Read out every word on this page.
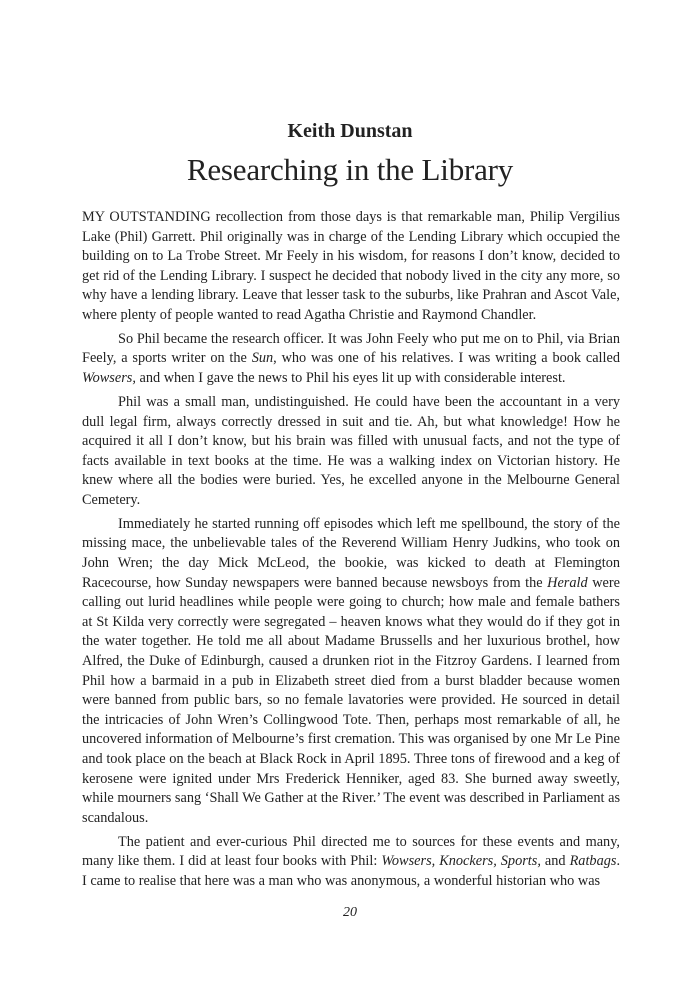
Keith Dunstan
Researching in the Library

MY OUTSTANDING recollection from those days is that remarkable man, Philip Vergilius Lake (Phil) Garrett. Phil originally was in charge of the Lending Library which occupied the building on to La Trobe Street. Mr Feely in his wisdom, for reasons I don’t know, decided to get rid of the Lending Library. I suspect he decided that nobody lived in the city any more, so why have a lending library. Leave that lesser task to the suburbs, like Prahran and Ascot Vale, where plenty of people wanted to read Agatha Christie and Raymond Chandler.

So Phil became the research officer. It was John Feely who put me on to Phil, via Brian Feely, a sports writer on the Sun, who was one of his relatives. I was writing a book called Wowsers, and when I gave the news to Phil his eyes lit up with considerable interest.

Phil was a small man, undistinguished. He could have been the accountant in a very dull legal firm, always correctly dressed in suit and tie. Ah, but what knowledge! How he acquired it all I don’t know, but his brain was filled with unusual facts, and not the type of facts available in text books at the time. He was a walking index on Victorian history. He knew where all the bodies were buried. Yes, he excelled anyone in the Melbourne General Cemetery.

Immediately he started running off episodes which left me spellbound, the story of the missing mace, the unbelievable tales of the Reverend William Henry Judkins, who took on John Wren; the day Mick McLeod, the bookie, was kicked to death at Flemington Racecourse, how Sunday newspapers were banned because newsboys from the Herald were calling out lurid headlines while people were going to church; how male and female bathers at St Kilda very correctly were segregated – heaven knows what they would do if they got in the water together. He told me all about Madame Brussells and her luxurious brothel, how Alfred, the Duke of Edinburgh, caused a drunken riot in the Fitzroy Gardens. I learned from Phil how a barmaid in a pub in Elizabeth street died from a burst bladder because women were banned from public bars, so no female lavatories were provided. He sourced in detail the intricacies of John Wren’s Collingwood Tote. Then, perhaps most remarkable of all, he uncovered information of Melbourne’s first cremation. This was organised by one Mr Le Pine and took place on the beach at Black Rock in April 1895. Three tons of firewood and a keg of kerosene were ignited under Mrs Frederick Henniker, aged 83. She burned away sweetly, while mourners sang ‘Shall We Gather at the River.’ The event was described in Parliament as scandalous.

The patient and ever-curious Phil directed me to sources for these events and many, many like them. I did at least four books with Phil: Wowsers, Knockers, Sports, and Ratbags. I came to realise that here was a man who was anonymous, a wonderful historian who was

20
